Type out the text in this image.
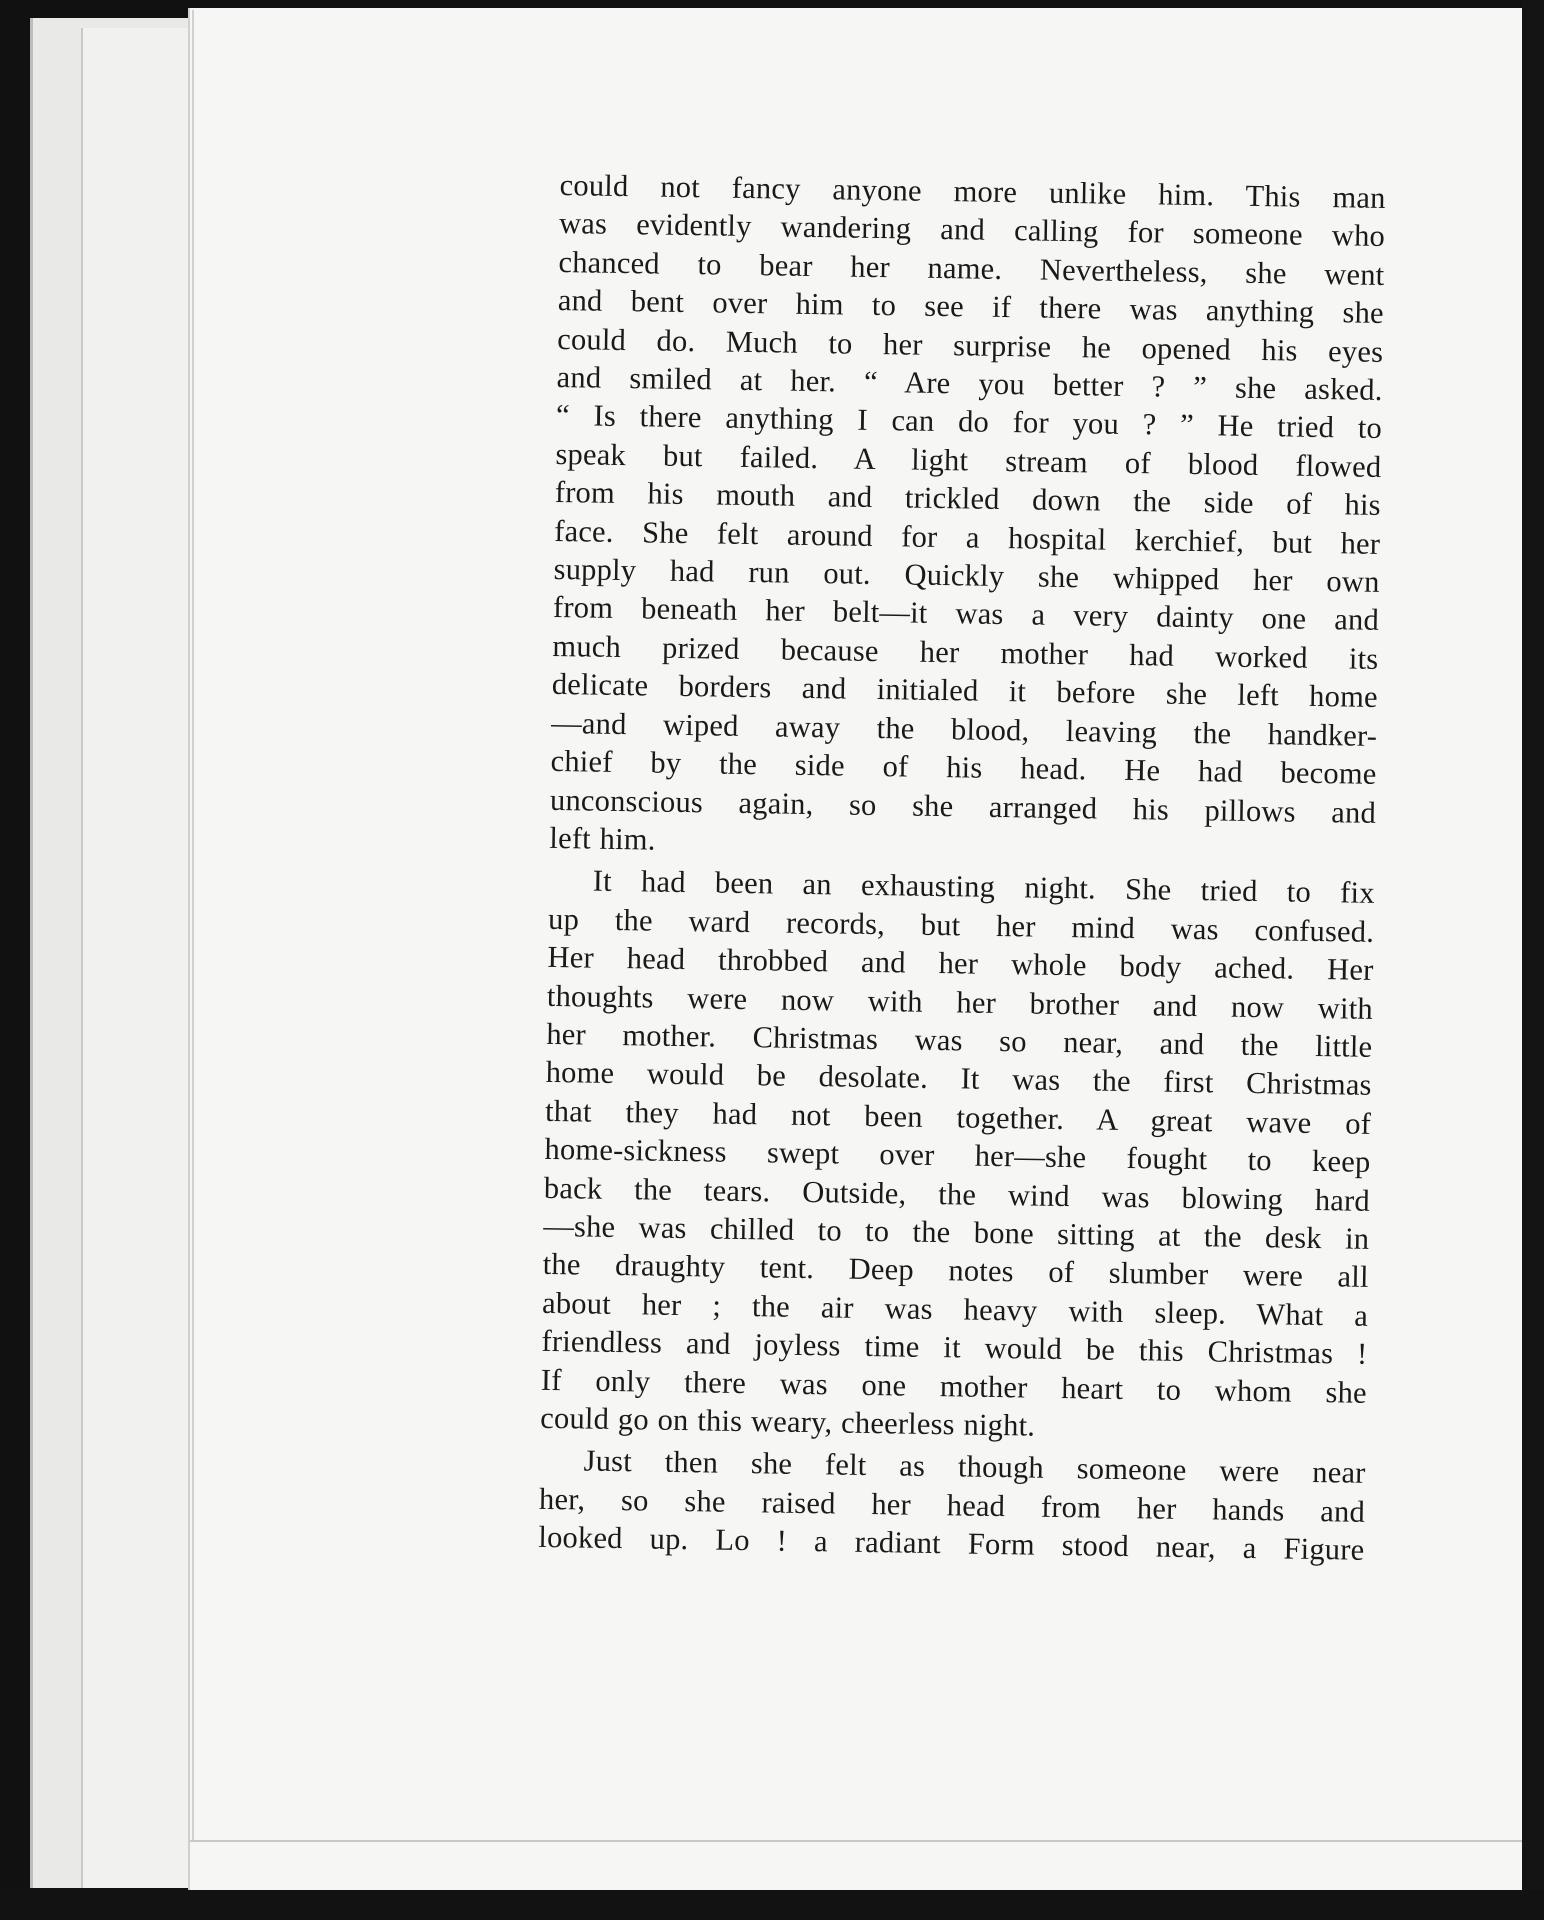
could not fancy anyone more unlike him. This man

was evidently wandering and calling for someone who

chanced to bear her name. Nevertheless, she went

and bent over him to see if there was anything she

could do. Much to her surprise he opened his eyes

and smiled at her. “ Are you better ? ” she asked.

“ Is there anything I can do for you ? ” He tried to

speak but failed. A light stream of blood flowed

from his mouth and trickled down the side of his

face. She felt around for a hospital kerchief, but her

supply had run out. Quickly she whipped her own

from beneath her belt—it was a very dainty one and

much prized because her mother had worked its

delicate borders and initialed it before she left home

—and wiped away the blood, leaving the handker-

chief by the side of his head. He had become

unconscious again, so she arranged his pillows and

left him.

It had been an exhausting night. She tried to fix

up the ward records, but her mind was confused.

Her head throbbed and her whole body ached. Her

thoughts were now with her brother and now with

her mother. Christmas was so near, and the little

home would be desolate. It was the first Christmas

that they had not been together. A great wave of

home-sickness swept over her—she fought to keep

back the tears. Outside, the wind was blowing hard

—she was chilled to to the bone sitting at the desk in

the draughty tent. Deep notes of slumber were all

about her ; the air was heavy with sleep. What a

friendless and joyless time it would be this Christmas !

If only there was one mother heart to whom she

could go on this weary, cheerless night.

Just then she felt as though someone were near

her, so she raised her head from her hands and

looked up. Lo ! a radiant Form stood near, a Figure
